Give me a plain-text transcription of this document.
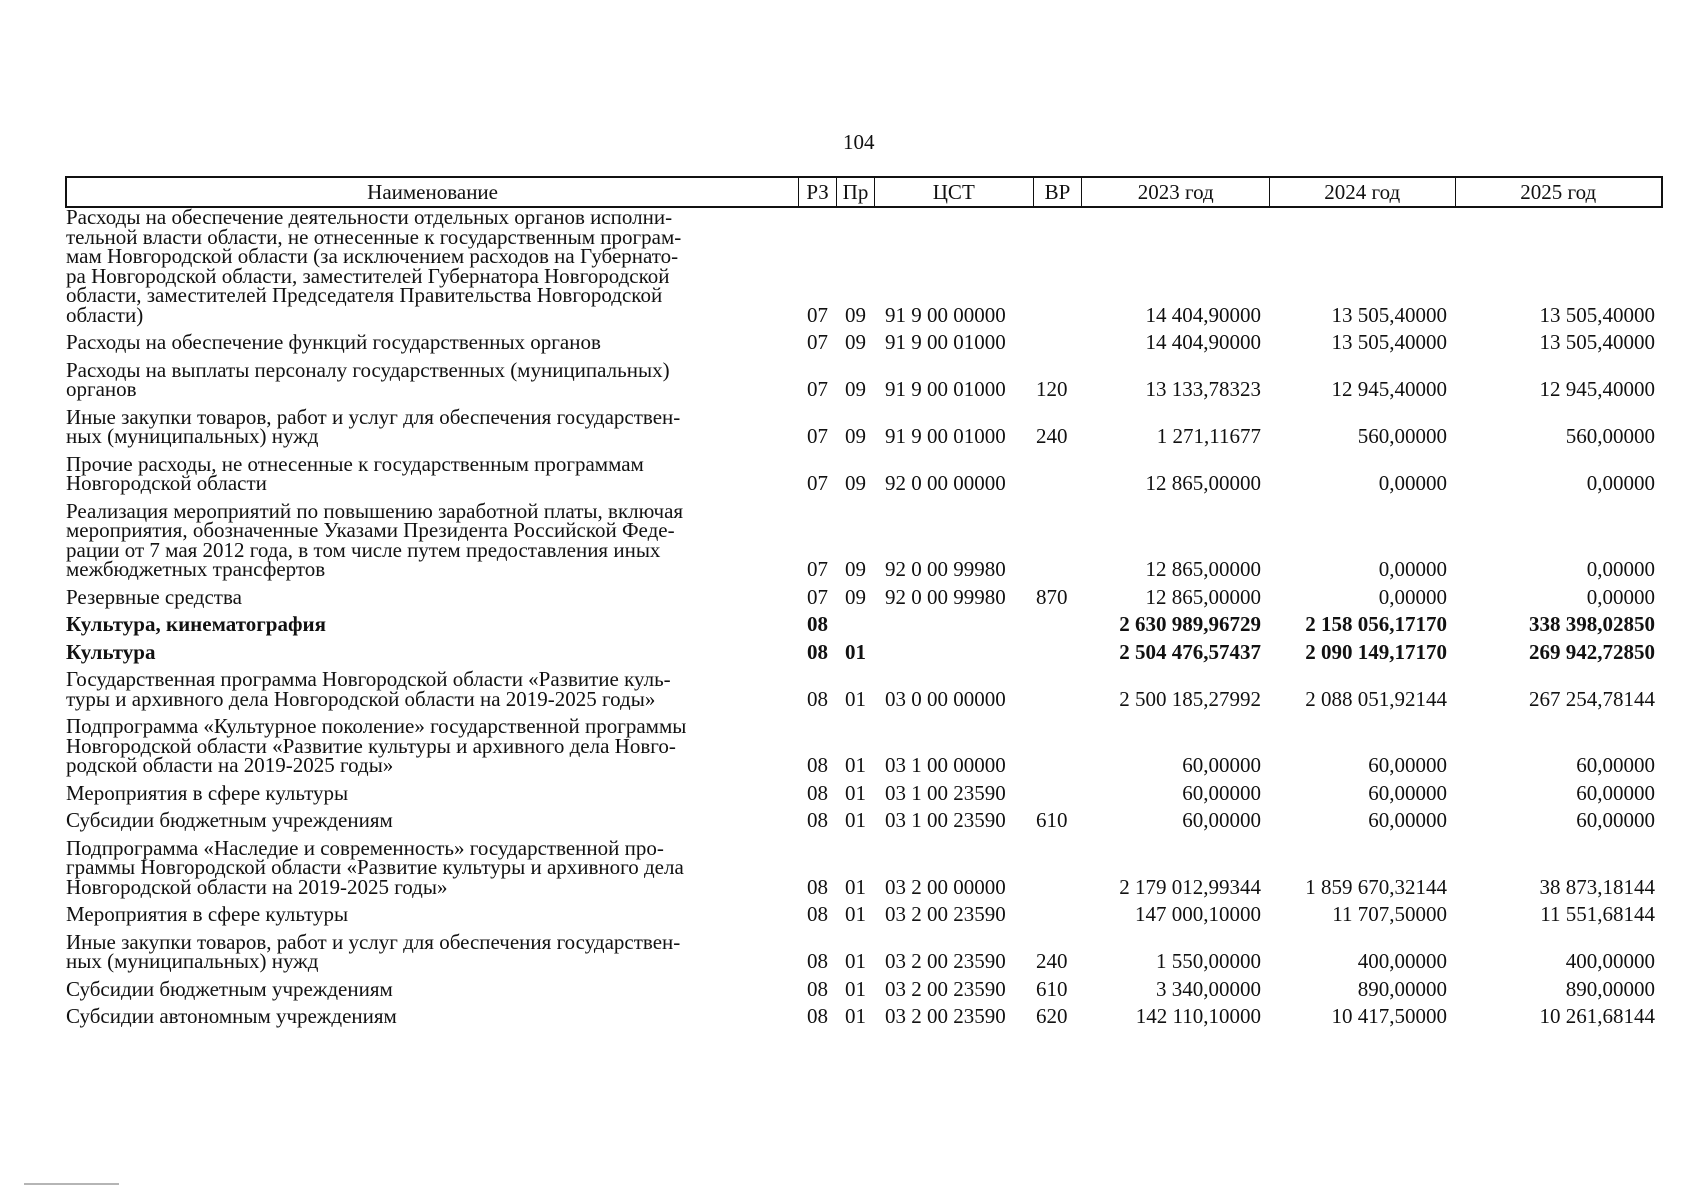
104
Наименование	РЗ Пр	ЦСТ	ВР	2023 год	2024 год	2025 год
Расходы на обеспечение деятельности отдельных органов исполни-
тельной власти области, не отнесенные к государственным програм-
мам Новгородской области (за исключением расходов на Губернато-
ра Новгородской области, заместителей Губернатора Новгородской
области, заместителей Председателя Правительства Новгородской
области)	07 09 91 9 00 00000	14 404,90000	13 505,40000	13 505,40000
Расходы на обеспечение функций государственных органов	07 09 91 9 00 01000	14 404,90000	13 505,40000	13 505,40000
Расходы на выплаты персоналу государственных (муниципальных)
органов	07 09 91 9 00 01000	120	13 133,78323	12 945,40000	12 945,40000
Иные закупки товаров, работ и услуг для обеспечения государствен-
ных (муниципальных) нужд	07 09 91 9 00 01000	240	1 271,11677	560,00000	560,00000
Прочие расходы, не отнесенные к государственным программам
Новгородской области	07 09 92 0 00 00000	12 865,00000	0,00000	0,00000
Реализация мероприятий по повышению заработной платы, включая
мероприятия, обозначенные Указами Президента Российской Феде-
рации от 7 мая 2012 года, в том числе путем предоставления иных
межбюджетных трансфертов	07 09 92 0 00 99980	12 865,00000	0,00000	0,00000
Резервные средства	07 09 92 0 00 99980	870	12 865,00000	0,00000	0,00000
Культура, кинематография	08	2 630 989,96729	2 158 056,17170	338 398,02850
Культура	08 01	2 504 476,57437	2 090 149,17170	269 942,72850
Государственная программа Новгородской области «Развитие куль-
туры и архивного дела Новгородской области на 2019-2025 годы»	08 01 03 0 00 00000	2 500 185,27992	2 088 051,92144	267 254,78144
Подпрограмма «Культурное поколение» государственной программы
Новгородской области «Развитие культуры и архивного дела Новго-
родской области на 2019-2025 годы»	08 01 03 1 00 00000	60,00000	60,00000	60,00000
Мероприятия в сфере культуры	08 01 03 1 00 23590	60,00000	60,00000	60,00000
Субсидии бюджетным учреждениям	08 01 03 1 00 23590	610	60,00000	60,00000	60,00000
Подпрограмма «Наследие и современность» государственной про-
граммы Новгородской области «Развитие культуры и архивного дела
Новгородской области на 2019-2025 годы»	08 01 03 2 00 00000	2 179 012,99344	1 859 670,32144	38 873,18144
Мероприятия в сфере культуры	08 01 03 2 00 23590	147 000,10000	11 707,50000	11 551,68144
Иные закупки товаров, работ и услуг для обеспечения государствен-
ных (муниципальных) нужд	08 01 03 2 00 23590	240	1 550,00000	400,00000	400,00000
Субсидии бюджетным учреждениям	08 01 03 2 00 23590	610	3 340,00000	890,00000	890,00000
Субсидии автономным учреждениям	08 01 03 2 00 23590	620	142 110,10000	10 417,50000	10 261,68144
